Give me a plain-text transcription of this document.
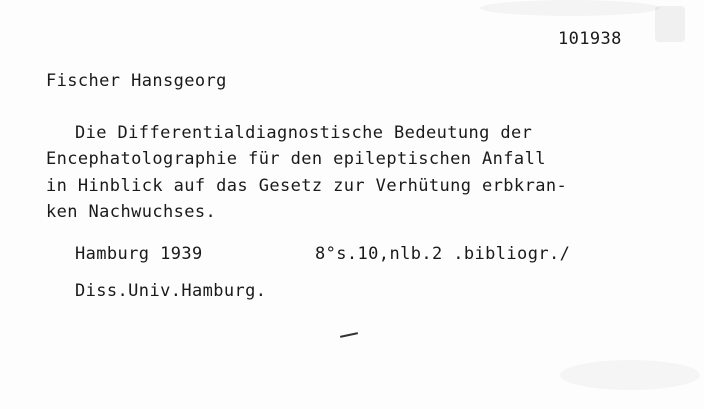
101938

Fischer Hansgeorg

Die Differentialdiagnostische Bedeutung der

Encephatolographie für den epileptischen Anfall

in Hinblick auf das Gesetz zur Verhütung erbkran-

ken Nachwuchses.

Hamburg 1939	8°s.10,nlb.2 .bibliogr./

Diss.Univ.Hamburg.
